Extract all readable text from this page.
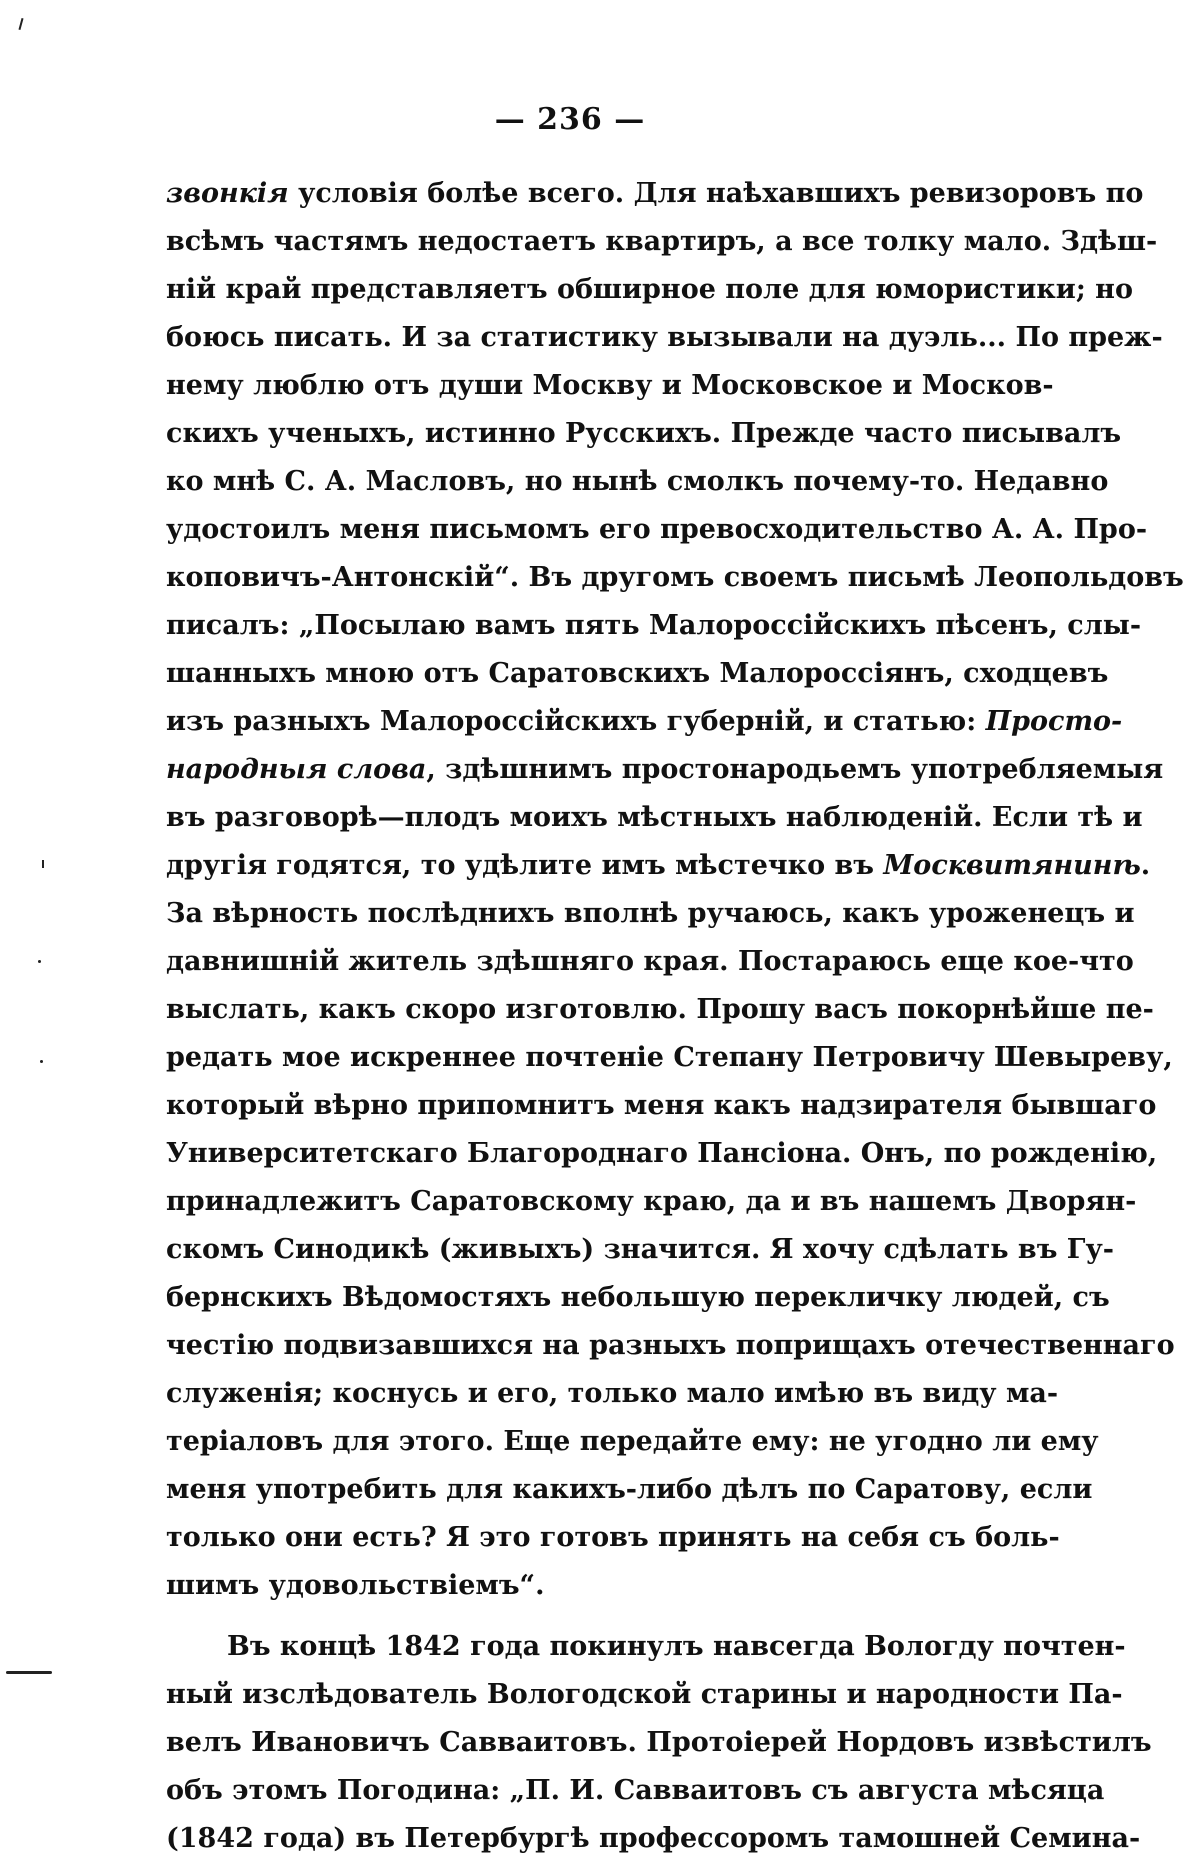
— 236 —
звонкія условія болѣе всего. Для наѣхавшихъ ревизоровъ по
всѣмъ частямъ недостаетъ квартиръ, а все толку мало. Здѣш-
ній край представляетъ обширное поле для юмористики; но
боюсь писать. И за статистику вызывали на дуэль... По преж-
нему люблю отъ души Москву и Московское и Москов-
скихъ ученыхъ, истинно Русскихъ. Прежде часто писывалъ
ко мнѣ С. А. Масловъ, но нынѣ смолкъ почему-то. Недавно
удостоилъ меня письмомъ его превосходительство А. А. Про-
коповичъ-Антонскій“. Въ другомъ своемъ письмѣ Леопольдовъ
писалъ: „Посылаю вамъ пять Малороссійскихъ пѣсенъ, слы-
шанныхъ мною отъ Саратовскихъ Малороссіянъ, сходцевъ
изъ разныхъ Малороссійскихъ губерній, и статью: Просто-
народныя слова, здѣшнимъ простонародьемъ употребляемыя
въ разговорѣ—плодъ моихъ мѣстныхъ наблюденій. Если тѣ и
другія годятся, то удѣлите имъ мѣстечко въ Москвитянинѣ.
За вѣрность послѣднихъ вполнѣ ручаюсь, какъ уроженецъ и
давнишній житель здѣшняго края. Постараюсь еще кое-что
выслать, какъ скоро изготовлю. Прошу васъ покорнѣйше пе-
редать мое искреннее почтеніе Степану Петровичу Шевыреву,
который вѣрно припомнитъ меня какъ надзирателя бывшаго
Университетскаго Благороднаго Пансіона. Онъ, по рожденію,
принадлежитъ Саратовскому краю, да и въ нашемъ Дворян-
скомъ Синодикѣ (живыхъ) значится. Я хочу сдѣлать въ Гу-
бернскихъ Вѣдомостяхъ небольшую перекличку людей, съ
честію подвизавшихся на разныхъ поприщахъ отечественнаго
служенія; коснусь и его, только мало имѣю въ виду ма-
теріаловъ для этого. Еще передайте ему: не угодно ли ему
меня употребить для какихъ-либо дѣлъ по Саратову, если
только они есть? Я это готовъ принять на себя съ боль-
шимъ удовольствіемъ“.
Въ концѣ 1842 года покинулъ навсегда Вологду почтен-
ный изслѣдователь Вологодской старины и народности Па-
велъ Ивановичъ Савваитовъ. Протоіерей Нордовъ извѣстилъ
объ этомъ Погодина: „П. И. Савваитовъ съ августа мѣсяца
(1842 года) въ Петербургѣ профессоромъ тамошней Семина-
